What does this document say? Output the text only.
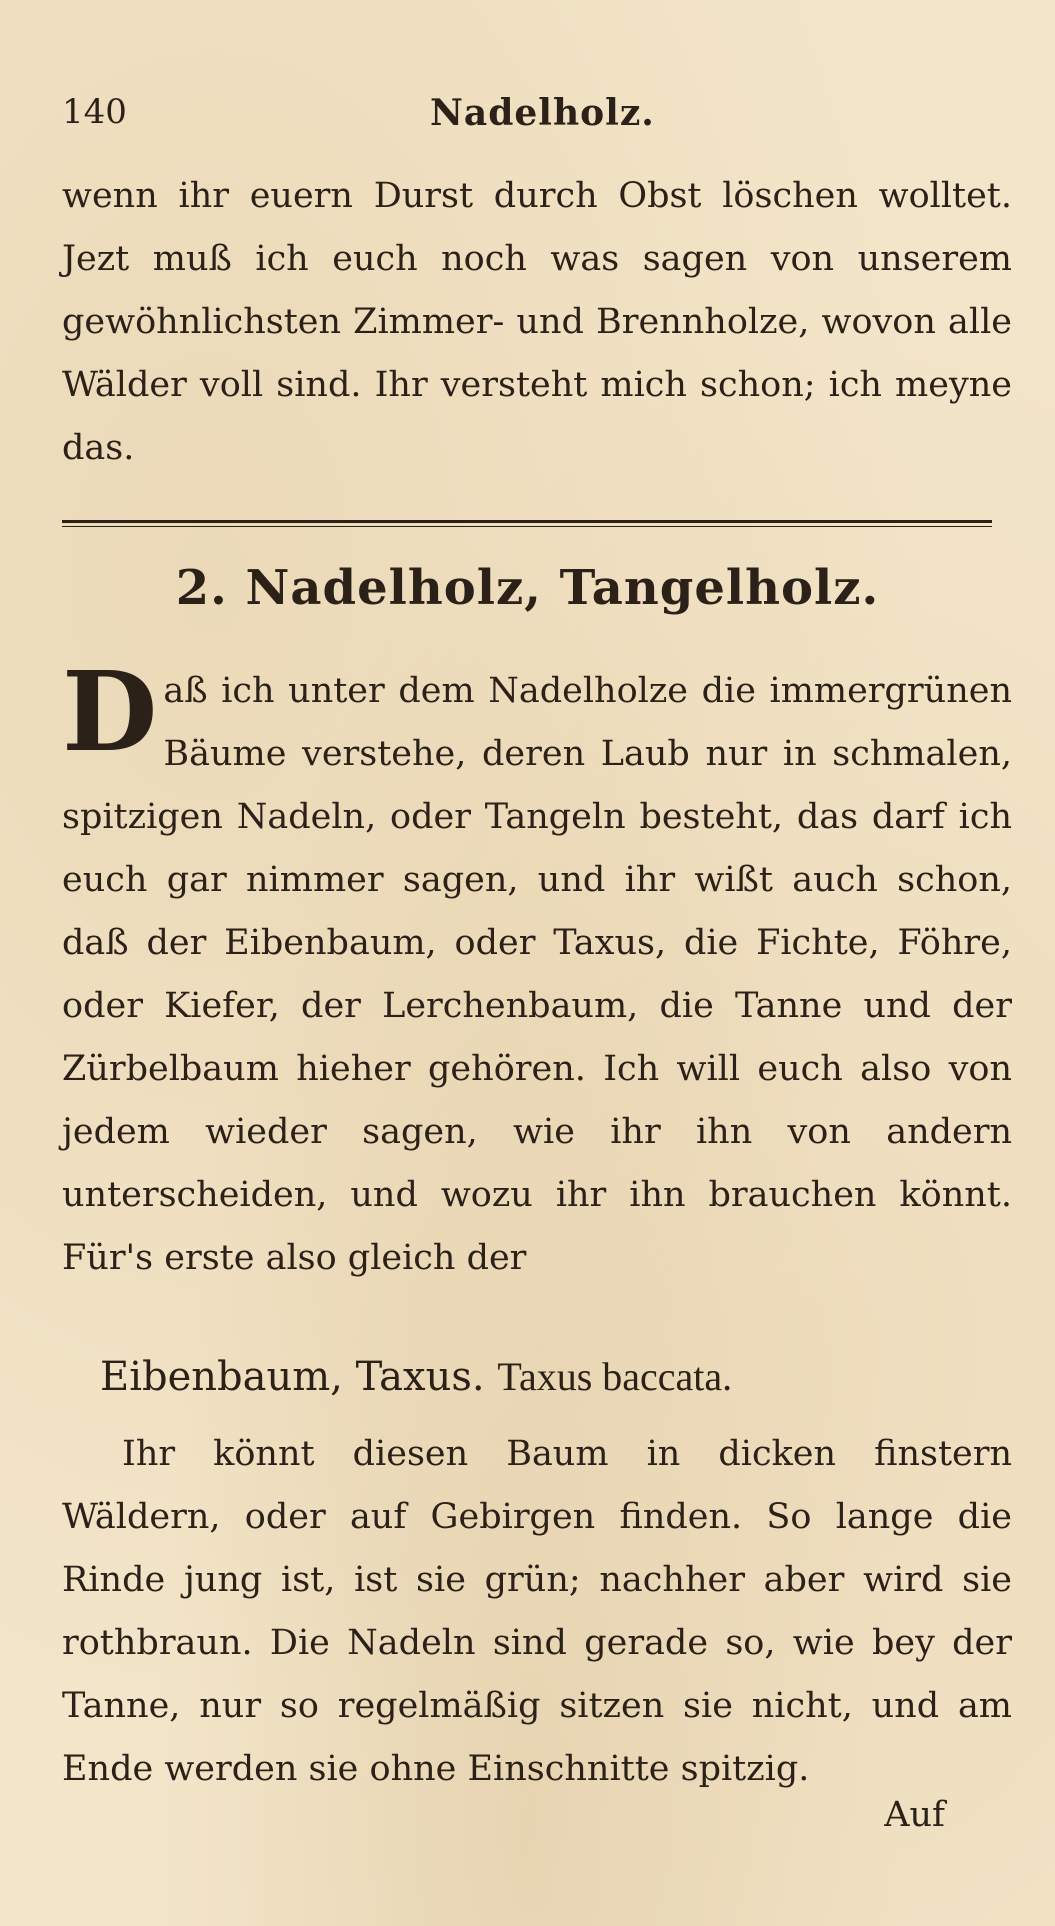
140	Nadelholz.

wenn ihr euern Durst durch Obst löschen wolltet. Jezt muß ich euch noch was sagen von unserem gewöhnlichsten Zimmer- und Brennholze, wovon alle Wälder voll sind. Ihr versteht mich schon; ich meyne das.

2. Nadelholz, Tangelholz.
D aß ich unter dem Nadelholze die immergrünen Bäume verstehe, deren Laub nur in schmalen, spitzigen Nadeln, oder Tangeln besteht, das darf ich euch gar nimmer sagen, und ihr wißt auch schon, daß der Eibenbaum, oder Taxus, die Fichte, Föhre, oder Kiefer, der Lerchenbaum, die Tanne und der Zürbelbaum hieher gehören. Ich will euch also von jedem wieder sagen, wie ihr ihn von andern unterscheiden, und wozu ihr ihn brauchen könnt. Für's erste also gleich der

Eibenbaum, Taxus. Taxus baccata.

Ihr könnt diesen Baum in dicken finstern Wäldern, oder auf Gebirgen finden. So lange die Rinde jung ist, ist sie grün; nachher aber wird sie rothbraun. Die Nadeln sind gerade so, wie bey der Tanne, nur so regelmäßig sitzen sie nicht, und am Ende werden sie ohne Einschnitte spitzig.

Auf
